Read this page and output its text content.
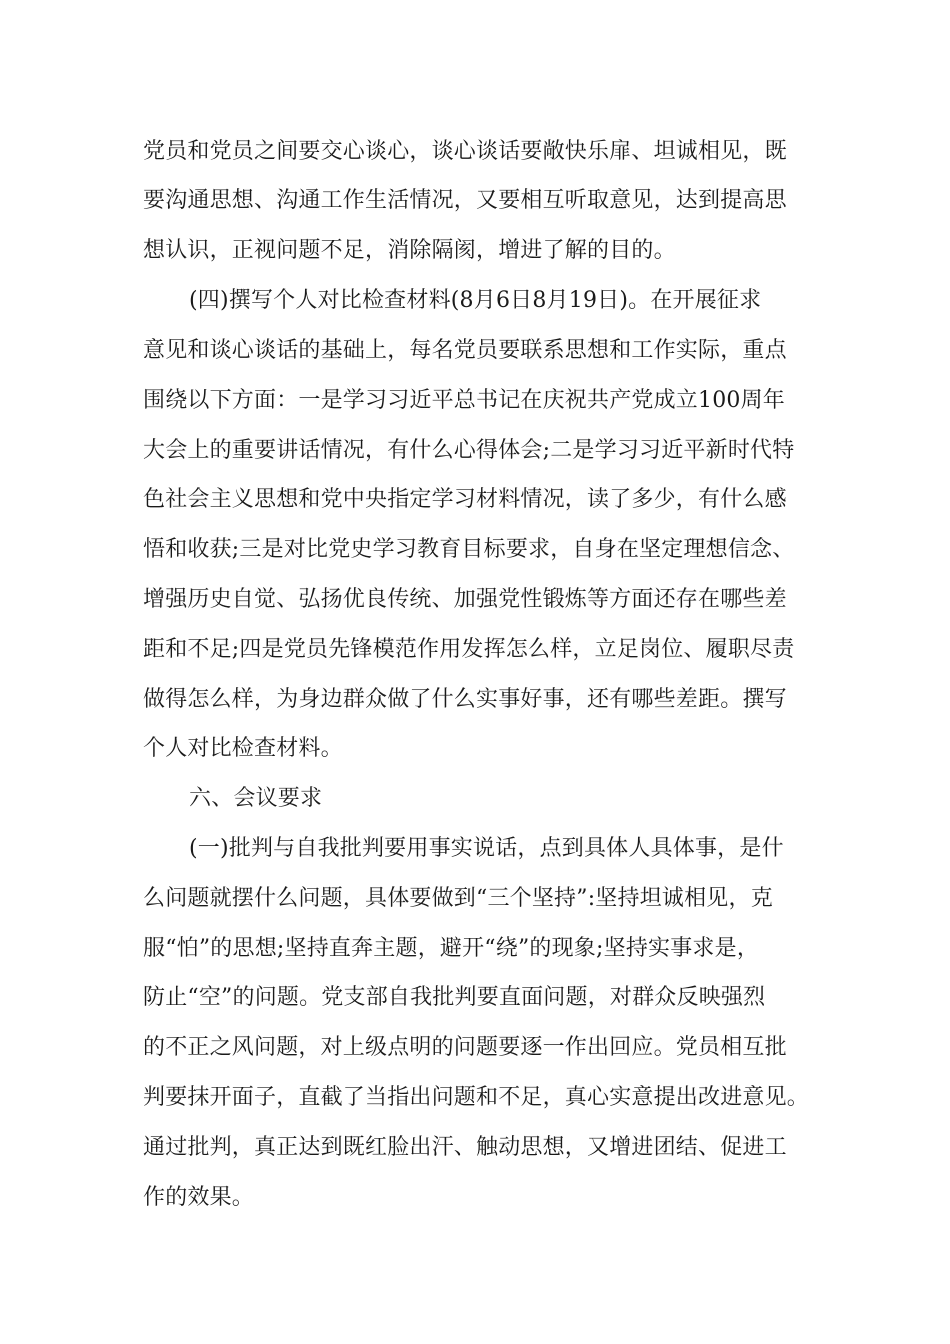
党员和党员之间要交心谈心，谈心谈话要敞快乐扉、坦诚相见，既
要沟通思想、沟通工作生活情况，又要相互听取意见，达到提高思
想认识，正视问题不足，消除隔阂，增进了解的目的。
(四)撰写个人对比检查材料(8月6日8月19日)。在开展征求
意见和谈心谈话的基础上，每名党员要联系思想和工作实际，重点
围绕以下方面：一是学习习近平总书记在庆祝共产党成立100周年
大会上的重要讲话情况，有什么心得体会;二是学习习近平新时代特
色社会主义思想和党中央指定学习材料情况，读了多少，有什么感
悟和收获;三是对比党史学习教育目标要求，自身在坚定理想信念、
增强历史自觉、弘扬优良传统、加强党性锻炼等方面还存在哪些差
距和不足;四是党员先锋模范作用发挥怎么样，立足岗位、履职尽责
做得怎么样，为身边群众做了什么实事好事，还有哪些差距。撰写
个人对比检查材料。
六、会议要求
(一)批判与自我批判要用事实说话，点到具体人具体事，是什
么问题就摆什么问题，具体要做到“三个坚持”:坚持坦诚相见，克
服“怕”的思想;坚持直奔主题，避开“绕”的现象;坚持实事求是，
防止“空”的问题。党支部自我批判要直面问题，对群众反映强烈
的不正之风问题，对上级点明的问题要逐一作出回应。党员相互批
判要抹开面子，直截了当指出问题和不足，真心实意提出改进意见。
通过批判，真正达到既红脸出汗、触动思想，又增进团结、促进工
作的效果。
